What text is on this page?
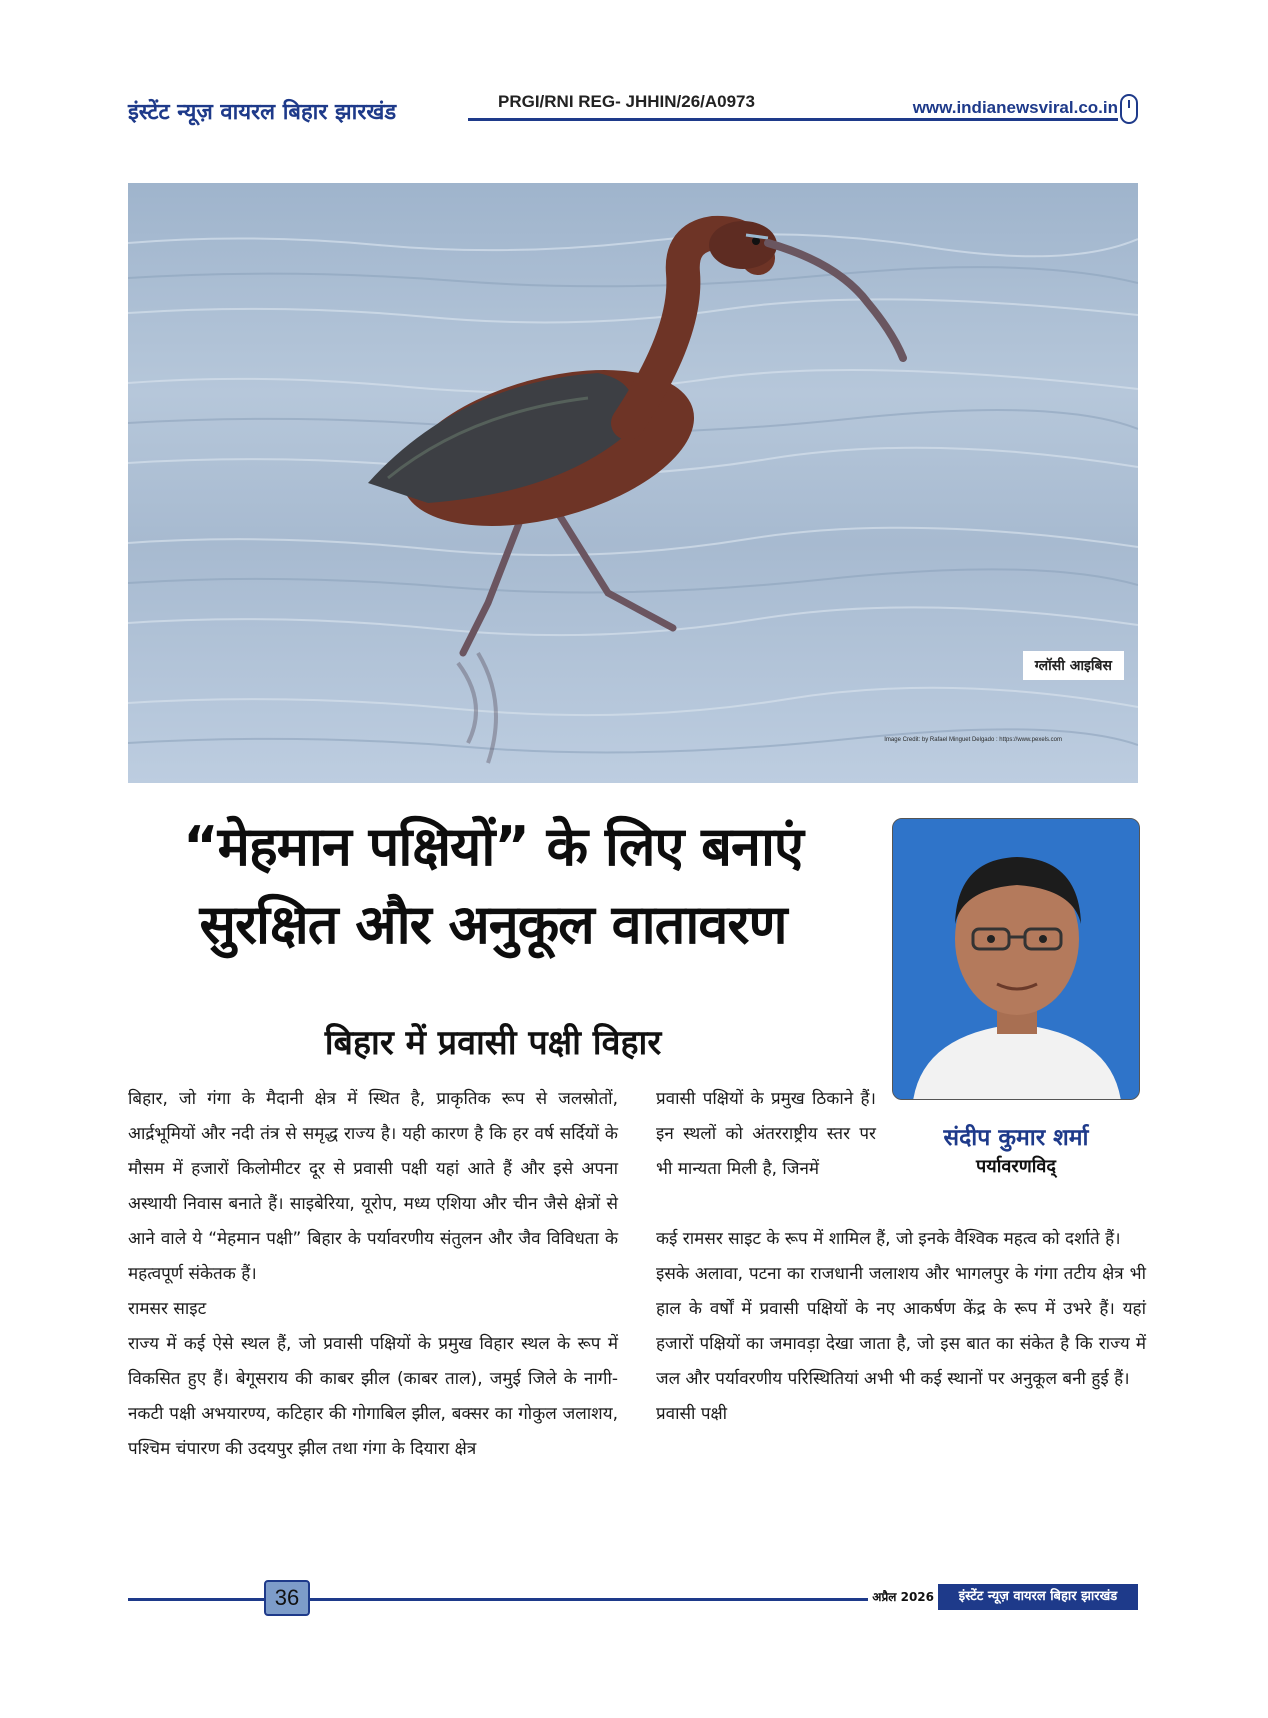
इंस्टेंट न्यूज़ वायरल बिहार झारखंड	PRGI/RNI REG- JHHIN/26/A0973	www.indianewsviral.co.in
ग्लॉसी आइबिस
Image Credit: by Rafael Minguet Delgado : https://www.pexels.com
“मेहमान पक्षियों” के लिए बनाएं
सुरक्षित और अनुकूल वातावरण
बिहार में प्रवासी पक्षी विहार
संदीप कुमार शर्मा
पर्यावरणविद्

बिहार, जो गंगा के मैदानी क्षेत्र में स्थित है, प्राकृतिक रूप से जलस्रोतों, आर्द्रभूमियों और नदी तंत्र से समृद्ध राज्य है। यही कारण है कि हर वर्ष सर्दियों के मौसम में हजारों किलोमीटर दूर से प्रवासी पक्षी यहां आते हैं और इसे अपना अस्थायी निवास बनाते हैं। साइबेरिया, यूरोप, मध्य एशिया और चीन जैसे क्षेत्रों से आने वाले ये “मेहमान पक्षी” बिहार के पर्यावरणीय संतुलन और जैव विविधता के महत्वपूर्ण संकेतक हैं।

रामसर साइट

राज्य में कई ऐसे स्थल हैं, जो प्रवासी पक्षियों के प्रमुख विहार स्थल के रूप में विकसित हुए हैं। बेगूसराय की काबर झील (काबर ताल), जमुई जिले के नागी-नकटी पक्षी अभयारण्य, कटिहार की गोगाबिल झील, बक्सर का गोकुल जलाशय, पश्चिम चंपारण की उदयपुर झील तथा गंगा के दियारा क्षेत्र

प्रवासी पक्षियों के प्रमुख ठिकाने हैं। इन स्थलों को अंतरराष्ट्रीय स्तर पर भी मान्यता मिली है, जिनमें

कई रामसर साइट के रूप में शामिल हैं, जो इनके वैश्विक महत्व को दर्शाते हैं।

इसके अलावा, पटना का राजधानी जलाशय और भागलपुर के गंगा तटीय क्षेत्र भी हाल के वर्षों में प्रवासी पक्षियों के नए आकर्षण केंद्र के रूप में उभरे हैं। यहां हजारों पक्षियों का जमावड़ा देखा जाता है, जो इस बात का संकेत है कि राज्य में जल और पर्यावरणीय परिस्थितियां अभी भी कई स्थानों पर अनुकूल बनी हुई हैं।

प्रवासी पक्षी
36	अप्रैल 2026	इंस्टेंट न्यूज़ वायरल बिहार झारखंड
